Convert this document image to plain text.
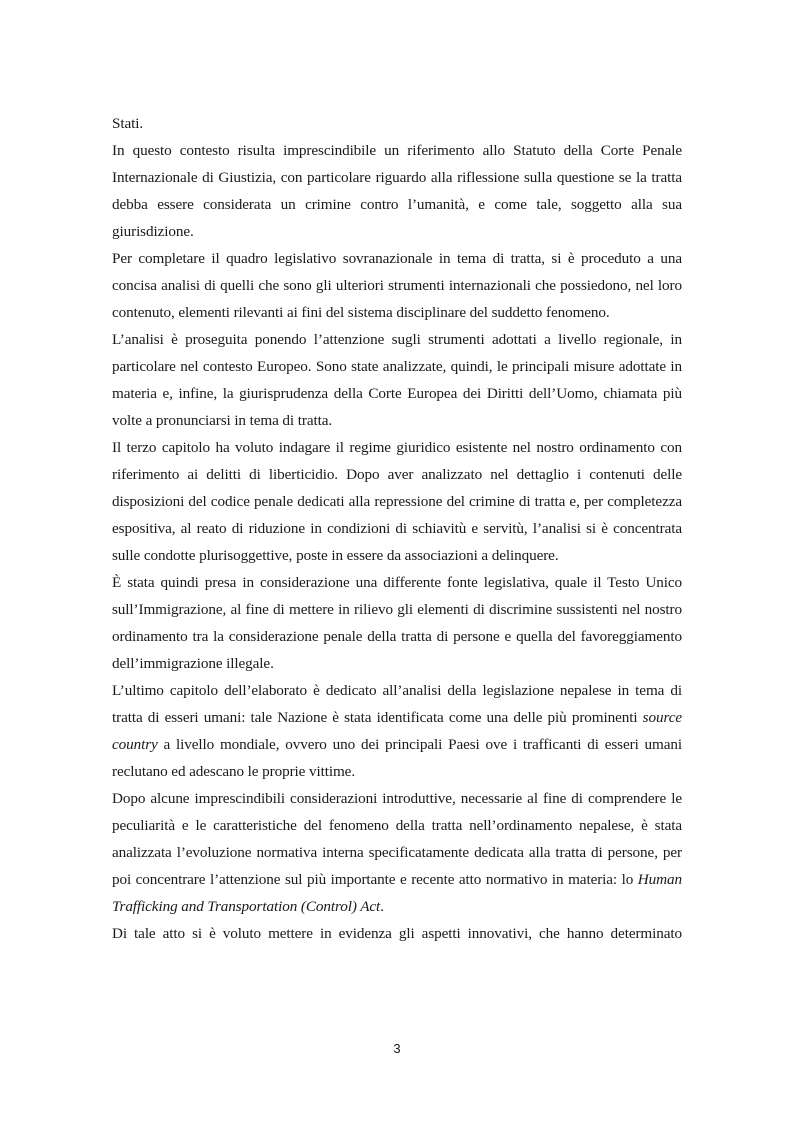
Stati.

In questo contesto risulta imprescindibile un riferimento allo Statuto della Corte Penale Internazionale di Giustizia, con particolare riguardo alla riflessione sulla questione se la tratta debba essere considerata un crimine contro l’umanità, e come tale, soggetto alla sua giurisdizione.

Per completare il quadro legislativo sovranazionale in tema di tratta, si è proceduto a una concisa analisi di quelli che sono gli ulteriori strumenti internazionali che possiedono, nel loro contenuto, elementi rilevanti ai fini del sistema disciplinare del suddetto fenomeno.

L’analisi è proseguita ponendo l’attenzione sugli strumenti adottati a livello regionale, in particolare nel contesto Europeo. Sono state analizzate, quindi, le principali misure adottate in materia e, infine, la giurisprudenza della Corte Europea dei Diritti dell’Uomo, chiamata più volte a pronunciarsi in tema di tratta.

Il terzo capitolo ha voluto indagare il regime giuridico esistente nel nostro ordinamento con riferimento ai delitti di liberticidio. Dopo aver analizzato nel dettaglio i contenuti delle disposizioni del codice penale dedicati alla repressione del crimine di tratta e, per completezza espositiva, al reato di riduzione in condizioni di schiavitù e servitù, l’analisi si è concentrata sulle condotte plurisoggettive, poste in essere da associazioni a delinquere.

È stata quindi presa in considerazione una differente fonte legislativa, quale il Testo Unico sull’Immigrazione, al fine di mettere in rilievo gli elementi di discrimine sussistenti nel nostro ordinamento tra la considerazione penale della tratta di persone e quella del favoreggiamento dell’immigrazione illegale.

L’ultimo capitolo dell’elaborato è dedicato all’analisi della legislazione nepalese in tema di tratta di esseri umani: tale Nazione è stata identificata come una delle più prominenti source country a livello mondiale, ovvero uno dei principali Paesi ove i trafficanti di esseri umani reclutano ed adescano le proprie vittime.

Dopo alcune imprescindibili considerazioni introduttive, necessarie al fine di comprendere le peculiarità e le caratteristiche del fenomeno della tratta nell’ordinamento nepalese, è stata analizzata l’evoluzione normativa interna specificatamente dedicata alla tratta di persone, per poi concentrare l’attenzione sul più importante e recente atto normativo in materia: lo Human Trafficking and Transportation (Control) Act.

Di tale atto si è voluto mettere in evidenza gli aspetti innovativi, che hanno determinato

3
